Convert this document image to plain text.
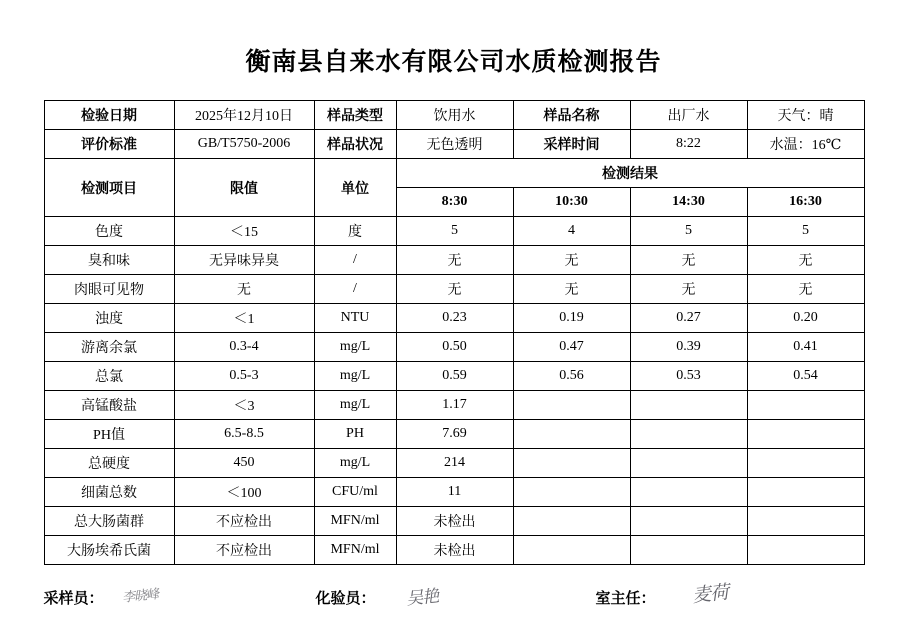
衡南县自来水有限公司水质检测报告
检验日期	2025年12月10日	样品类型	饮用水	样品名称	出厂水	天气：晴
评价标准	GB/T5750-2006	样品状况	无色透明	采样时间	8:22	水温：16℃
检测项目	限值	单位	检测结果			
			8:30	10:30	14:30	16:30
色度	＜15	度	5	4	5	5
臭和味	无异味异臭	/	无	无	无	无
肉眼可见物	无	/	无	无	无	无
浊度	＜1	NTU	0.23	0.19	0.27	0.20
游离余氯	0.3-4	mg/L	0.50	0.47	0.39	0.41
总氯	0.5-3	mg/L	0.59	0.56	0.53	0.54
高锰酸盐	＜3	mg/L	1.17			
PH值	6.5-8.5	PH	7.69			
总硬度	450	mg/L	214			
细菌总数	＜100	CFU/ml	11			
总大肠菌群	不应检出	MFN/ml	未检出			
大肠埃希氏菌	不应检出	MFN/ml	未检出			
采样员： 李晓峰	化验员： 吴艳	室主任： 麦荷
